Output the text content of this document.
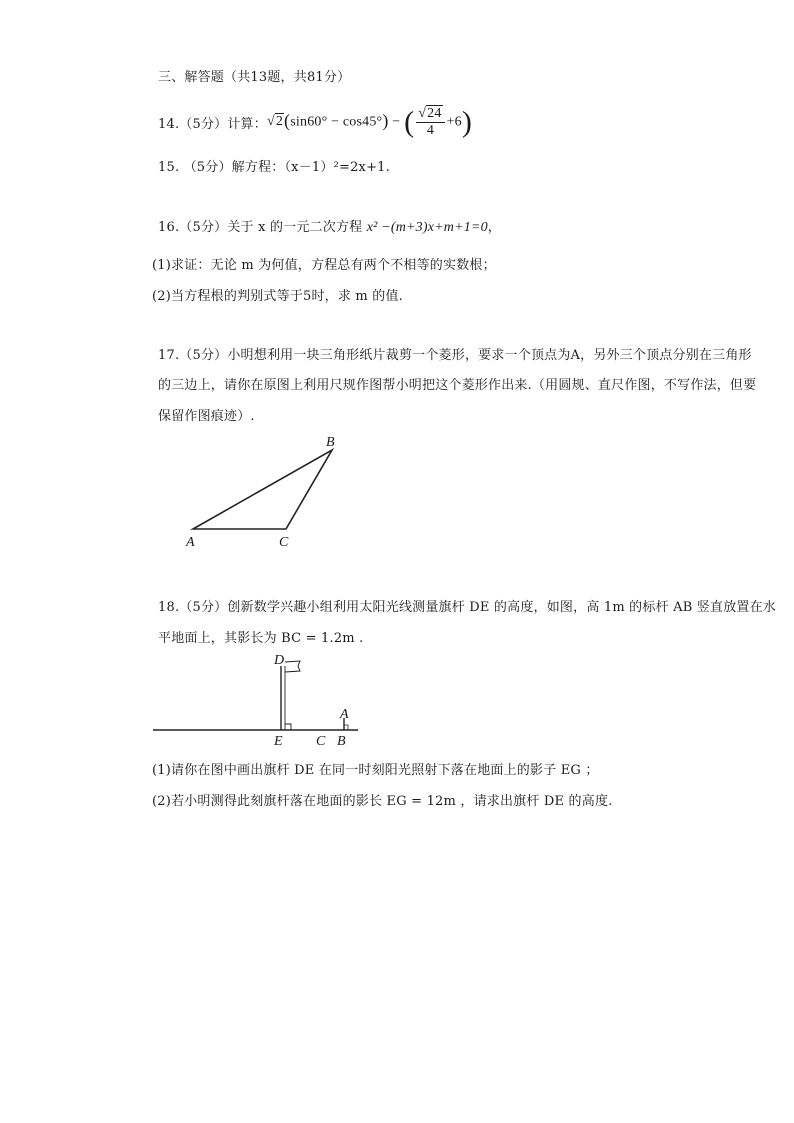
三、解答题（共13题，共81分）
14.（5分）计算： √2(sin60° − cos45°) − ( $\frac{√24}{4} +6$)
15. （5分）解方程：（x－1）²=2x+1.
16.（5分）关于 x 的一元二次方程 x² −(m+3)x+m+1=0，
(1)求证：无论 m 为何值，方程总有两个不相等的实数根；
(2)当方程根的判别式等于5时，求 m 的值.
17.（5分）小明想利用一块三角形纸片裁剪一个菱形，要求一个顶点为A，另外三个顶点分别在三角形
的三边上，请你在原图上利用尺规作图帮小明把这个菱形作出来.（用圆规、直尺作图，不写作法，但要
保留作图痕迹）.
A
B
C
18.（5分）创新数学兴趣小组利用太阳光线测量旗杆 DE 的高度，如图，高 1m 的标杆 AB 竖直放置在水
平地面上，其影长为 BC = 1.2m .
D
E C B
A
(1)请你在图中画出旗杆 DE 在同一时刻阳光照射下落在地面上的影子 EG ；
(2)若小明测得此刻旗杆落在地面的影长 EG = 12m ，请求出旗杆 DE 的高度.
